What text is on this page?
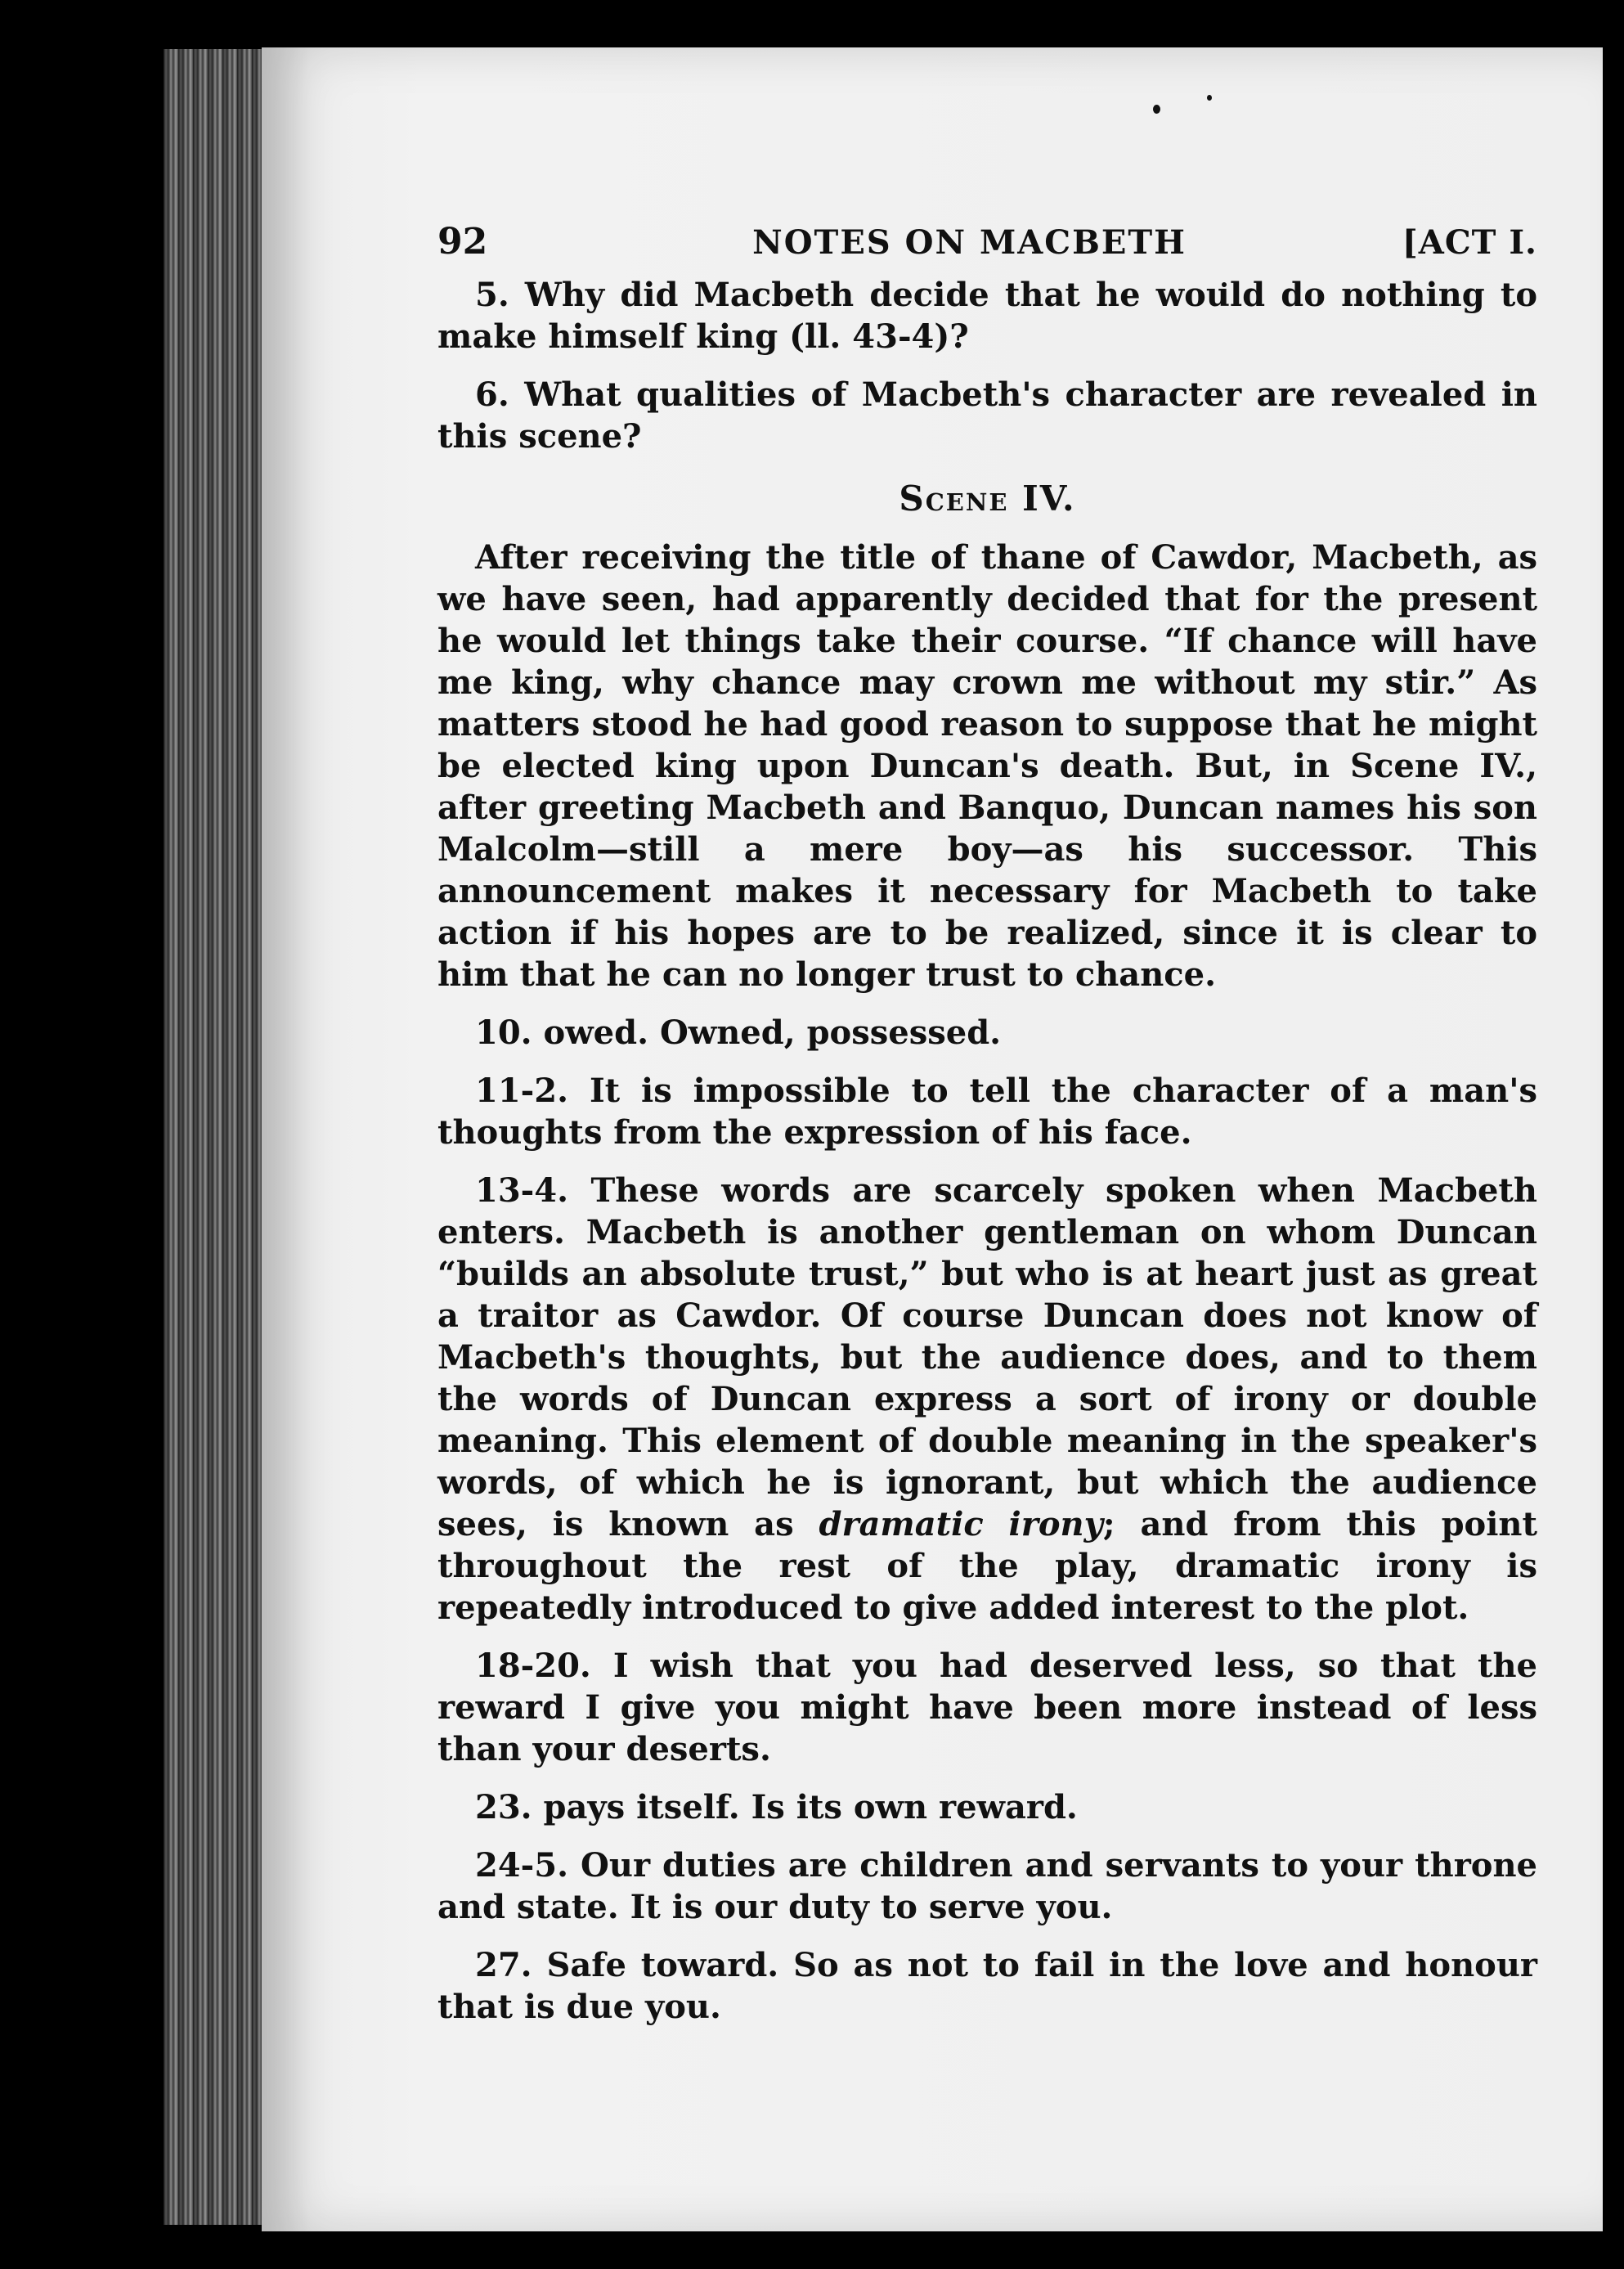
92	NOTES ON MACBETH	[ACT I.

5. Why did Macbeth decide that he would do nothing to make himself king (ll. 43-4)?

6. What qualities of Macbeth's character are revealed in this scene?

Scene IV.

After receiving the title of thane of Cawdor, Macbeth, as we have seen, had apparently decided that for the present he would let things take their course. “If chance will have me king, why chance may crown me without my stir.” As matters stood he had good reason to suppose that he might be elected king upon Duncan's death. But, in Scene IV., after greeting Macbeth and Banquo, Duncan names his son Malcolm—still a mere boy—as his successor. This announcement makes it necessary for Macbeth to take action if his hopes are to be realized, since it is clear to him that he can no longer trust to chance.

10. owed. Owned, possessed.

11-2. It is impossible to tell the character of a man's thoughts from the expression of his face.

13-4. These words are scarcely spoken when Macbeth enters. Macbeth is another gentleman on whom Duncan “builds an absolute trust,” but who is at heart just as great a traitor as Cawdor. Of course Duncan does not know of Macbeth's thoughts, but the audience does, and to them the words of Duncan express a sort of irony or double meaning. This element of double meaning in the speaker's words, of which he is ignorant, but which the audience sees, is known as dramatic irony; and from this point throughout the rest of the play, dramatic irony is repeatedly introduced to give added interest to the plot.

18-20. I wish that you had deserved less, so that the reward I give you might have been more instead of less than your deserts.

23. pays itself. Is its own reward.

24-5. Our duties are children and servants to your throne and state. It is our duty to serve you.

27. Safe toward. So as not to fail in the love and honour that is due you.
